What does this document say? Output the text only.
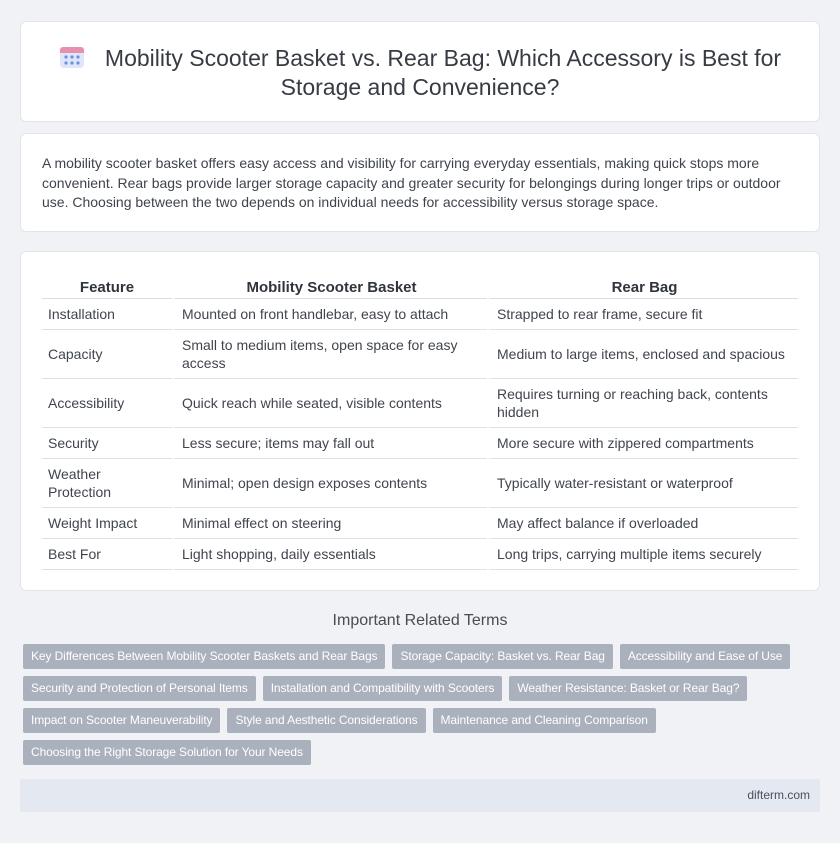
Mobility Scooter Basket vs. Rear Bag: Which Accessory is Best for Storage and Convenience?

A mobility scooter basket offers easy access and visibility for carrying everyday essentials, making quick stops more convenient. Rear bags provide larger storage capacity and greater security for belongings during longer trips or outdoor use. Choosing between the two depends on individual needs for accessibility versus storage space.

Feature	Mobility Scooter Basket	Rear Bag
Installation	Mounted on front handlebar, easy to attach	Strapped to rear frame, secure fit
Capacity	Small to medium items, open space for easy access	Medium to large items, enclosed and spacious
Accessibility	Quick reach while seated, visible contents	Requires turning or reaching back, contents hidden
Security	Less secure; items may fall out	More secure with zippered compartments
Weather Protection	Minimal; open design exposes contents	Typically water-resistant or waterproof
Weight Impact	Minimal effect on steering	May affect balance if overloaded
Best For	Light shopping, daily essentials	Long trips, carrying multiple items securely
Important Related Terms
Key Differences Between Mobility Scooter Baskets and Rear Bags Storage Capacity: Basket vs. Rear Bag Accessibility and Ease of Use
Security and Protection of Personal Items Installation and Compatibility with Scooters Weather Resistance: Basket or Rear Bag?
Impact on Scooter Maneuverability Style and Aesthetic Considerations Maintenance and Cleaning Comparison
Choosing the Right Storage Solution for Your Needs
difterm.com
